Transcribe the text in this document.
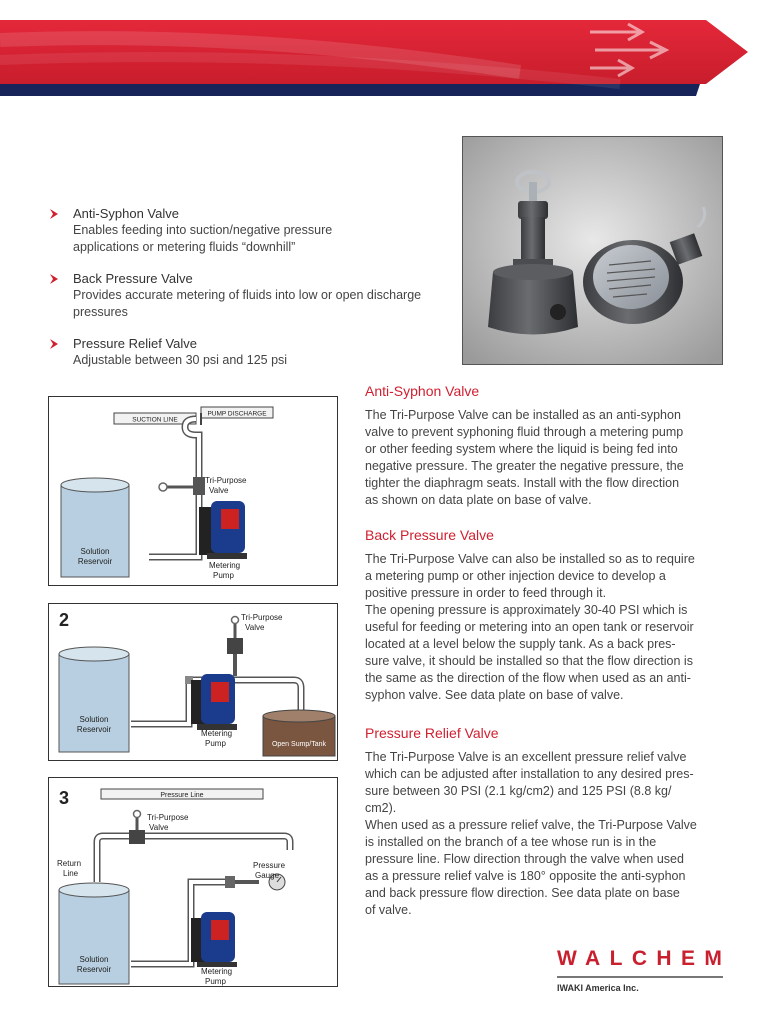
Anti-Syphon Valve
Enables feeding into suction/negative pressure
applications or metering fluids “downhill”
Back Pressure Valve
Provides accurate metering of fluids into low or open discharge
pressures
Pressure Relief Valve
Adjustable between 30 psi and 125 psi
SUCTION LINE
PUMP DISCHARGE
Tri-Purpose
Valve
Solution
Reservoir	Metering
Pump
2	Tri-Purpose
Valve
Solution
Reservoir	Metering
Pump	Open Sump/Tank
3	Pressure Line
Pressure
Gauge
Tri-Purpose
Valve
Return
Line
Solution
Reservoir	Metering
Pump
Anti-Syphon Valve

The Tri-Purpose Valve can be installed as an anti-syphon

valve to prevent syphoning fluid through a metering pump

or other feeding system where the liquid is being fed into

negative pressure. The greater the negative pressure, the

tighter the diaphragm seats. Install with the flow direction

as shown on data plate on base of valve.

Back Pressure Valve

The Tri-Purpose Valve can also be installed so as to require

a metering pump or other injection device to develop a

positive pressure in order to feed through it.

The opening pressure is approximately 30-40 PSI which is

useful for feeding or metering into an open tank or reservoir

located at a level below the supply tank. As a back pres-

sure valve, it should be installed so that the flow direction is

the same as the direction of the flow when used as an anti-

syphon valve. See data plate on base of valve.

Pressure Relief Valve

The Tri-Purpose Valve is an excellent pressure relief valve

which can be adjusted after installation to any desired pres-

sure between 30 PSI (2.1 kg/cm2) and 125 PSI (8.8 kg/

cm2).

When used as a pressure relief valve, the Tri-Purpose Valve

is installed on the branch of a tee whose run is in the

pressure line. Flow direction through the valve when used

as a pressure relief valve is 180° opposite the anti-syphon

and back pressure flow direction. See data plate on base

of valve.

WALCHEM
IWAKI America Inc.
